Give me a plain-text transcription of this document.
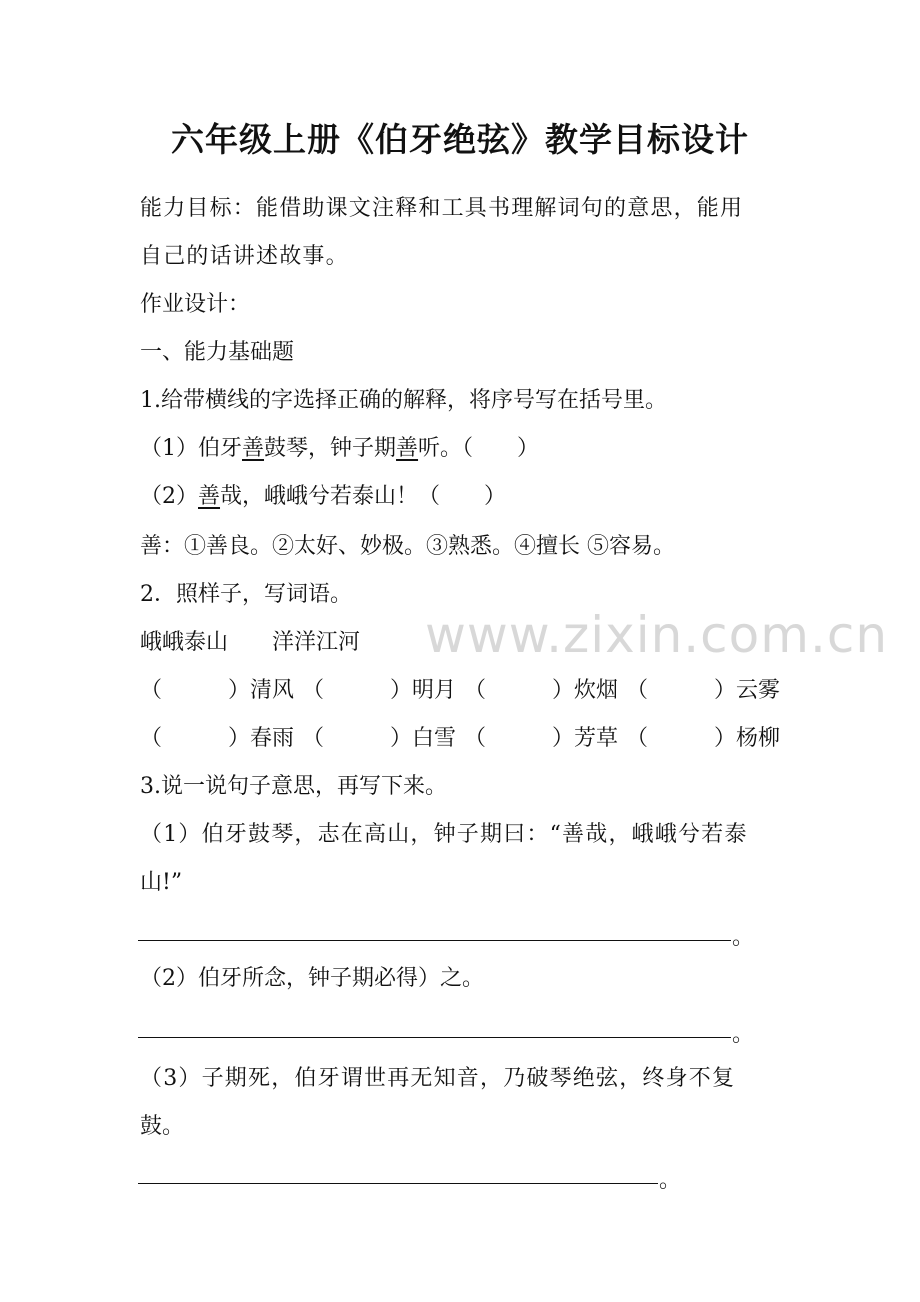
六年级上册《伯牙绝弦》教学目标设计
能力目标：能借助课文注释和工具书理解词句的意思，能用
自己的话讲述故事。
作业设计：
一、能力基础题
1.给带横线的字选择正确的解释，将序号写在括号里。
（1）伯牙善鼓琴，钟子期善听。（　　）
（2）善哉，峨峨兮若泰山！（　　）
善：①善良。②太好、妙极。③熟悉。④擅长 ⑤容易。
2．照样子，写词语。
峨峨泰山　　洋洋江河
（　　　）清风 （　　　）明月 （　　　）炊烟 （　　　）云雾
（　　　）春雨 （　　　）白雪 （　　　）芳草 （　　　）杨柳
3.说一说句子意思，再写下来。
（1）伯牙鼓琴，志在高山，钟子期曰：“善哉，峨峨兮若泰
山!”
。
（2）伯牙所念，钟子期必得）之。
。
（3）子期死，伯牙谓世再无知音，乃破琴绝弦，终身不复
鼓。
。
www.zixin.com.cn
